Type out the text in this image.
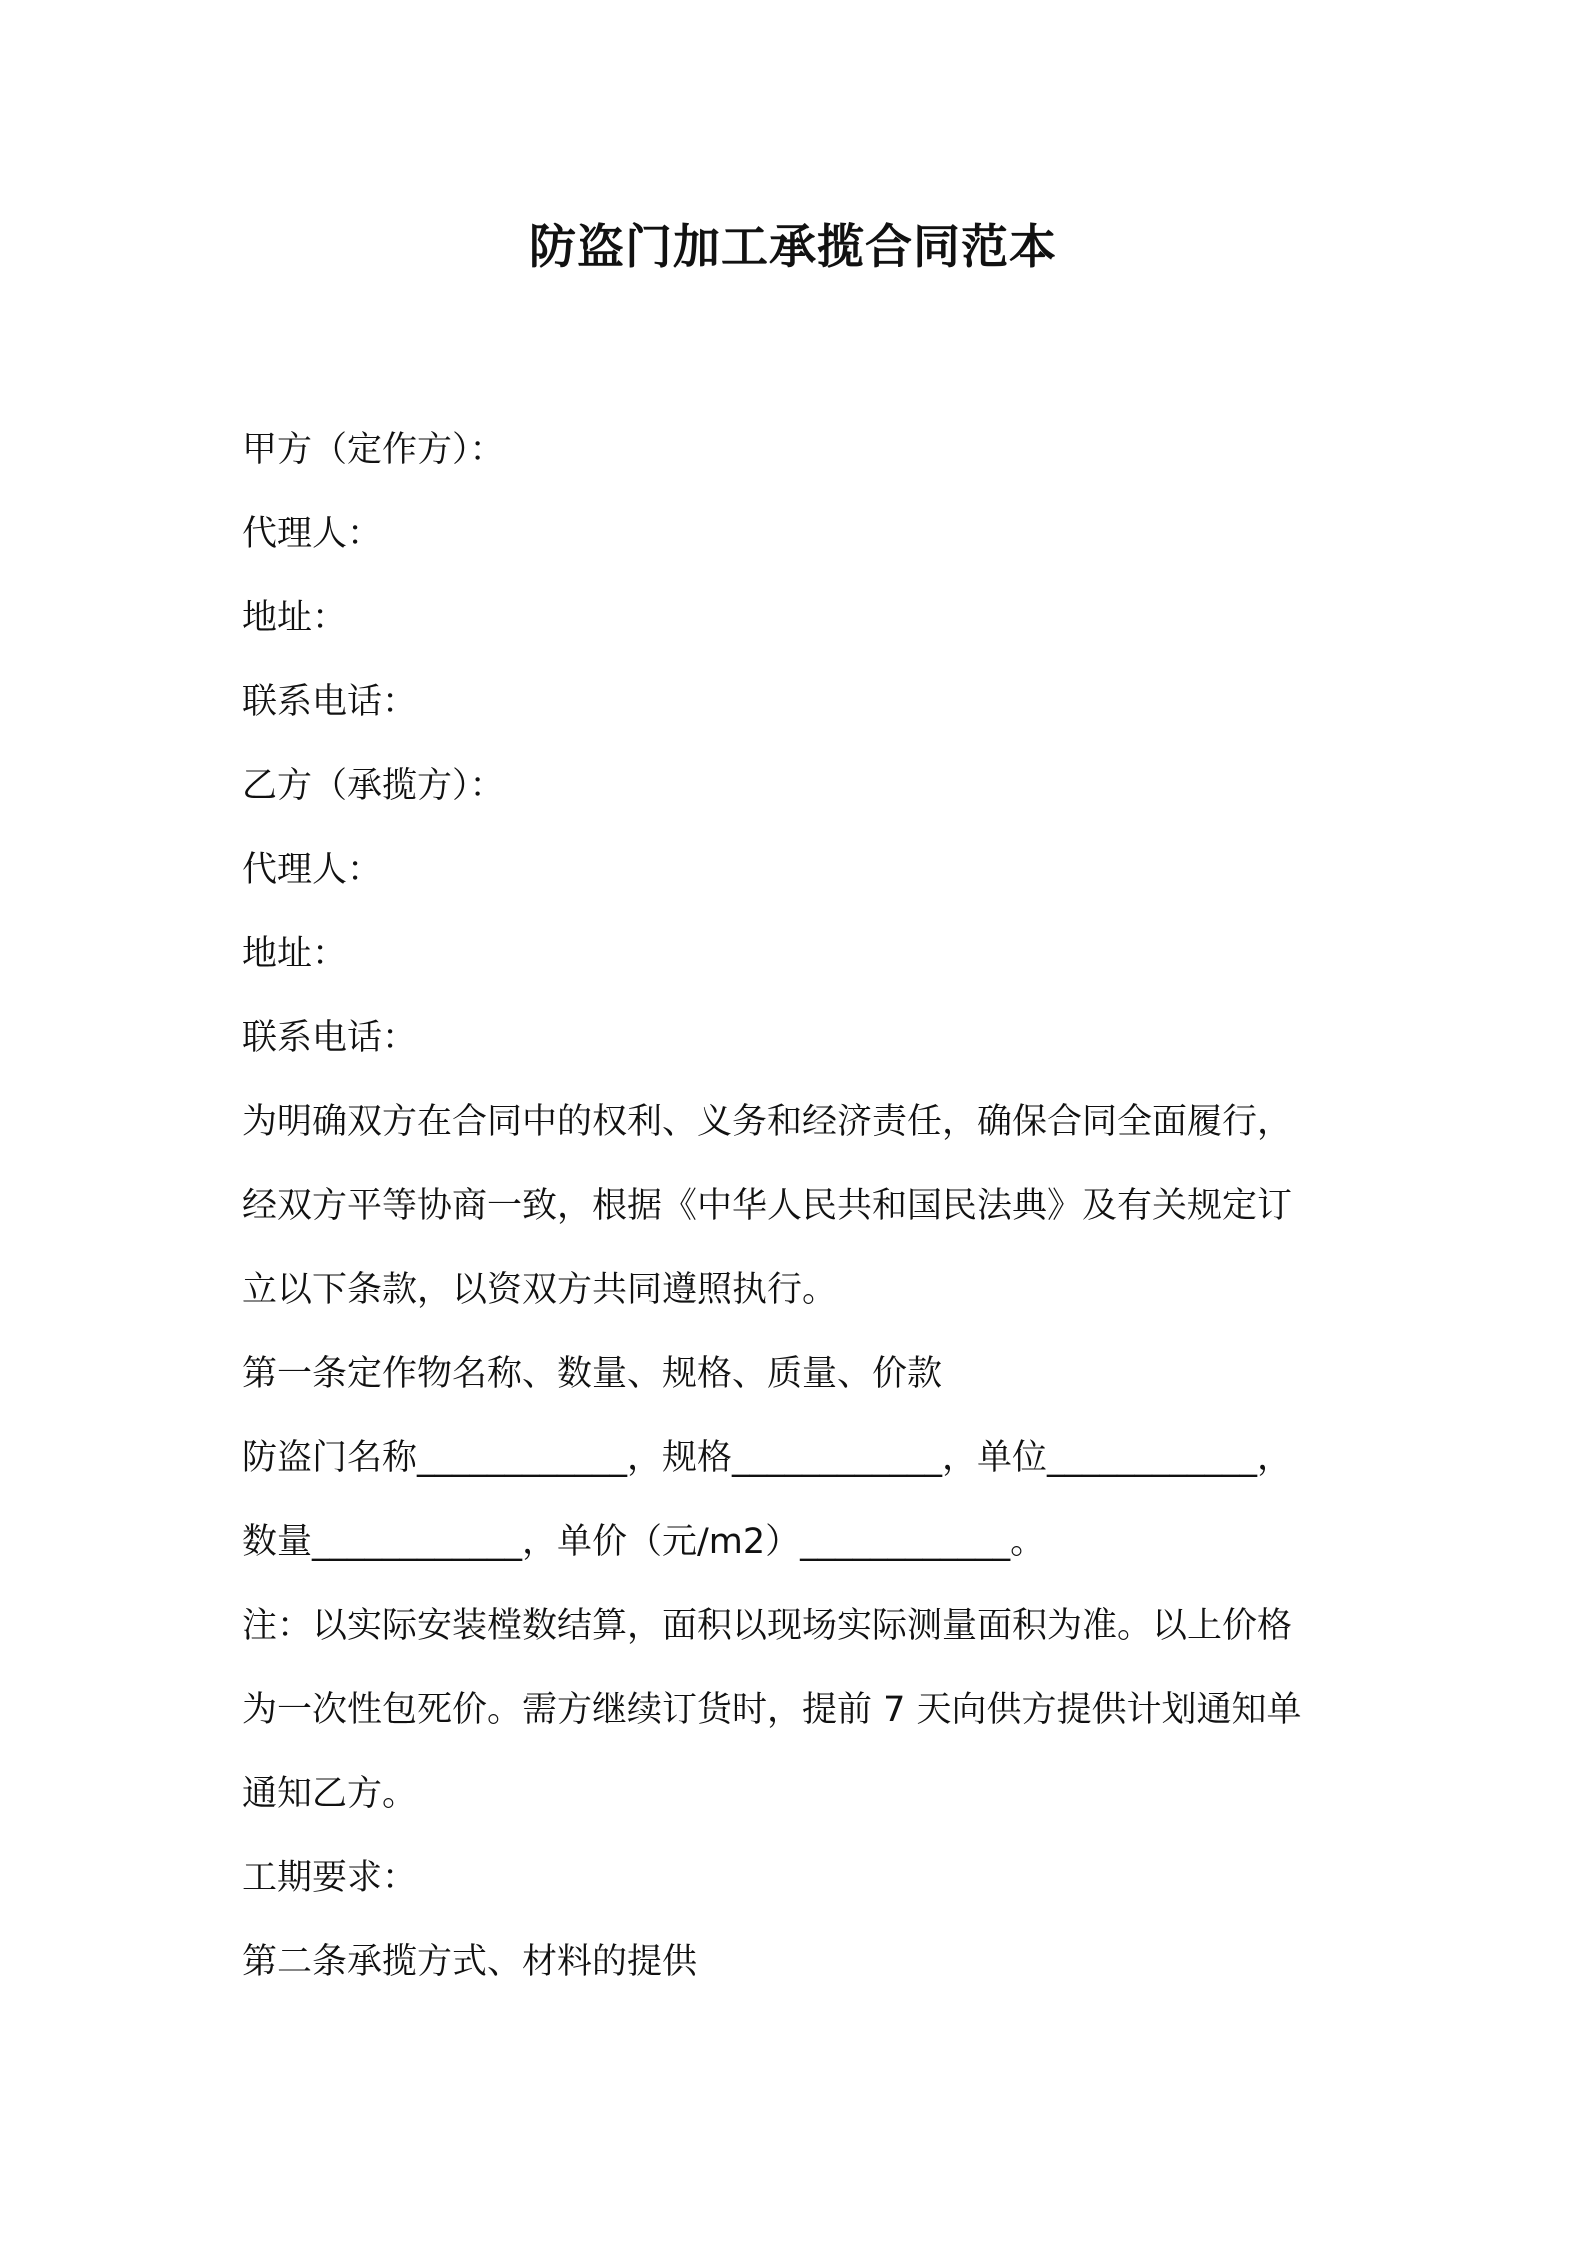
防盗门加工承揽合同范本

甲方（定作方）：

代理人：

地址：

联系电话：

乙方（承揽方）：

代理人：

地址：

联系电话：

为明确双方在合同中的权利、义务和经济责任，确保合同全面履行，

经双方平等协商一致，根据《中华人民共和国民法典》及有关规定订

立以下条款，以资双方共同遵照执行。

第一条定作物名称、数量、规格、质量、价款

防盗门名称____________，规格____________，单位____________，

数量____________，单价（元/m2）____________。

注：以实际安装樘数结算，面积以现场实际测量面积为准。以上价格

为一次性包死价。需方继续订货时，提前 7 天向供方提供计划通知单

通知乙方。

工期要求：

第二条承揽方式、材料的提供
